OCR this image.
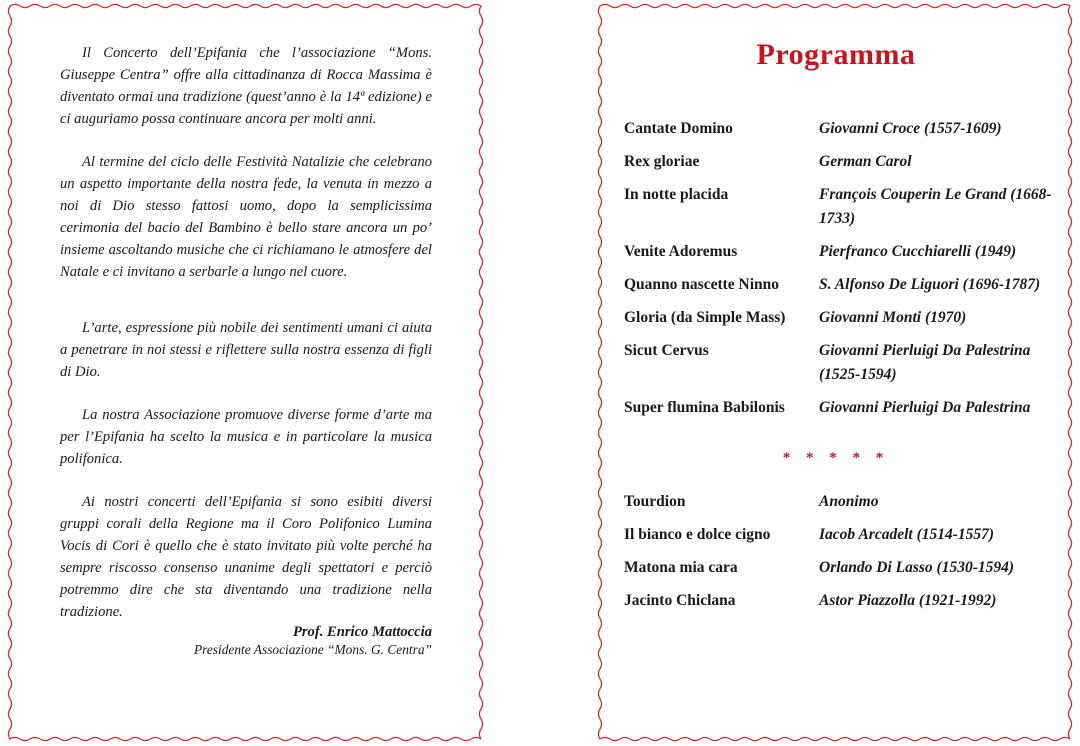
Il Concerto dell’Epifania che l’associazione “Mons. Giuseppe Centra” offre alla cittadinanza di Rocca Massima è diventato ormai una tradizione (quest’anno è la 14ª edizione) e ci auguriamo possa continuare ancora per molti anni.

Al termine del ciclo delle Festività Natalizie che celebrano un aspetto importante della nostra fede, la venuta in mezzo a noi di Dio stesso fattosi uomo, dopo la semplicissima cerimonia del bacio del Bambino è bello stare ancora un po’ insieme ascoltando musiche che ci richiamano le atmosfere del Natale e ci invitano a serbarle a lungo nel cuore.

L’arte, espressione più nobile dei sentimenti umani ci aiuta a penetrare in noi stessi e riflettere sulla nostra essenza di figli di Dio.

La nostra Associazione promuove diverse forme d’arte ma per l’Epifania ha scelto la musica e in particolare la musica polifonica.

Ai nostri concerti dell’Epifania si sono esibiti diversi gruppi corali della Regione ma il Coro Polifonico Lumina Vocis di Cori è quello che è stato invitato più volte perché ha sempre riscosso consenso unanime degli spettatori e perciò potremmo dire che sta diventando una tradizione nella tradizione.

Prof. Enrico Mattoccia
Presidente Associazione “Mons. G. Centra”
Programma
Cantate Domino	Giovanni Croce (1557-1609)
Rex gloriae	German Carol
In notte placida	François Couperin Le Grand (1668-1733)
Venite Adoremus	Pierfranco Cucchiarelli (1949)
Quanno nascette Ninno	S. Alfonso De Liguori (1696-1787)
Gloria (da Simple Mass)	Giovanni Monti (1970)
Sicut Cervus	Giovanni Pierluigi Da Palestrina (1525-1594)
Super flumina Babilonis	Giovanni Pierluigi Da Palestrina
* * * * *
Tourdion	Anonimo
Il bianco e dolce cigno	Iacob Arcadelt (1514-1557)
Matona mia cara	Orlando Di Lasso (1530-1594)
Jacinto Chiclana	Astor Piazzolla (1921-1992)
